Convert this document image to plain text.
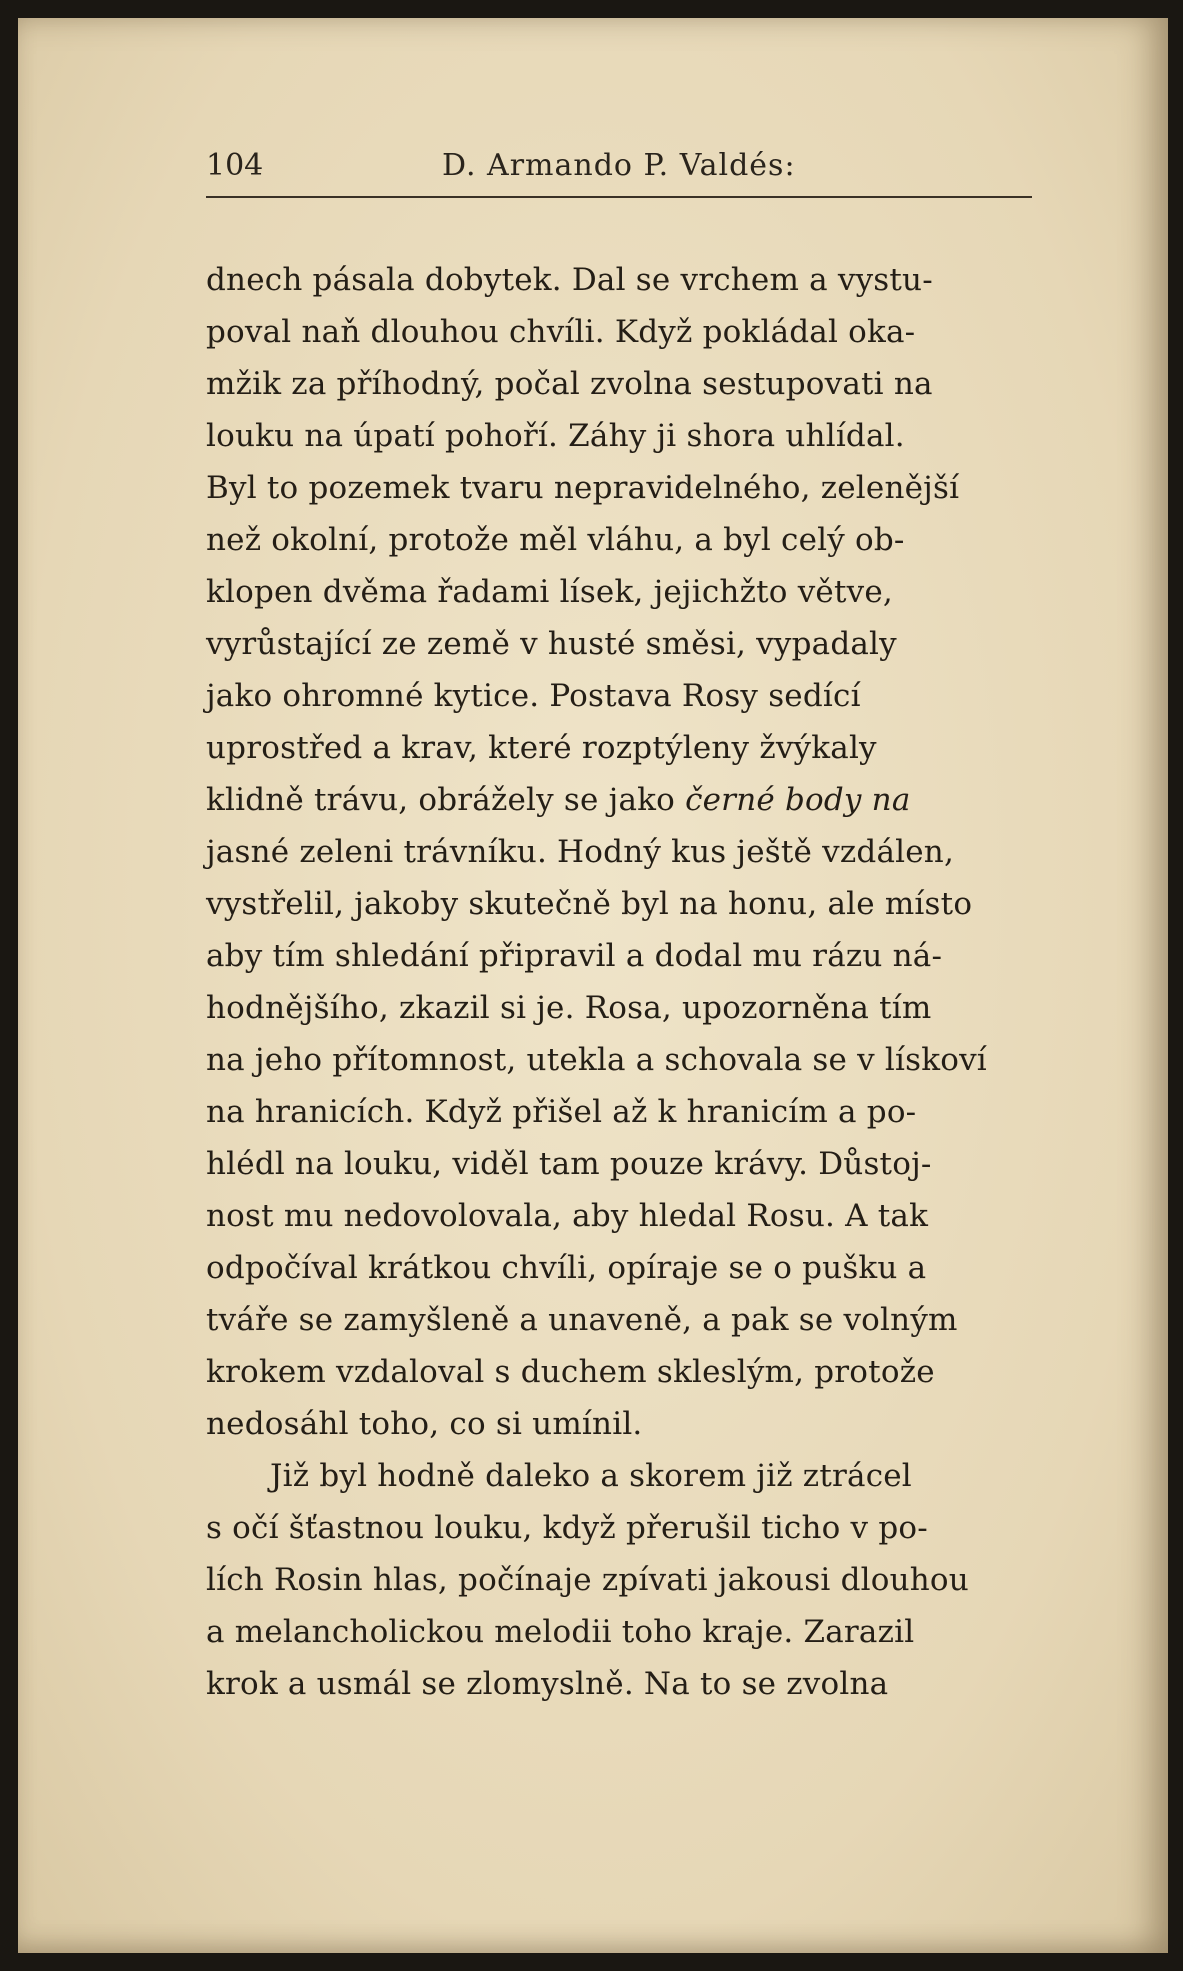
104	D. Armando P. Valdés:
dnech pásala dobytek. Dal se vrchem a vystu-
poval naň dlouhou chvíli. Když pokládal oka-
mžik za příhodný, počal zvolna sestupovati na
louku na úpatí pohoří. Záhy ji shora uhlídal.
Byl to pozemek tvaru nepravidelného, zelenější
než okolní, protože měl vláhu, a byl celý ob-
klopen dvěma řadami lísek, jejichžto větve,
vyrůstající ze země v husté směsi, vypadaly
jako ohromné kytice. Postava Rosy sedící
uprostřed a krav, které rozptýleny žvýkaly
klidně trávu, obrážely se jako černé body na
jasné zeleni trávníku. Hodný kus ještě vzdálen,
vystřelil, jakoby skutečně byl na honu, ale místo
aby tím shledání připravil a dodal mu rázu ná-
hodnějšího, zkazil si je. Rosa, upozorněna tím
na jeho přítomnost, utekla a schovala se v lískoví
na hranicích. Když přišel až k hranicím a po-
hlédl na louku, viděl tam pouze krávy. Důstoj-
nost mu nedovolovala, aby hledal Rosu. A tak
odpočíval krátkou chvíli, opíraje se o pušku a
tváře se zamyšleně a unaveně, a pak se volným
krokem vzdaloval s duchem skleslým, protože
nedosáhl toho, co si umínil.
Již byl hodně daleko a skorem již ztrácel
s očí šťastnou louku, když přerušil ticho v po-
lích Rosin hlas, počínaje zpívati jakousi dlouhou
a melancholickou melodii toho kraje. Zarazil
krok a usmál se zlomyslně. Na to se zvolna
